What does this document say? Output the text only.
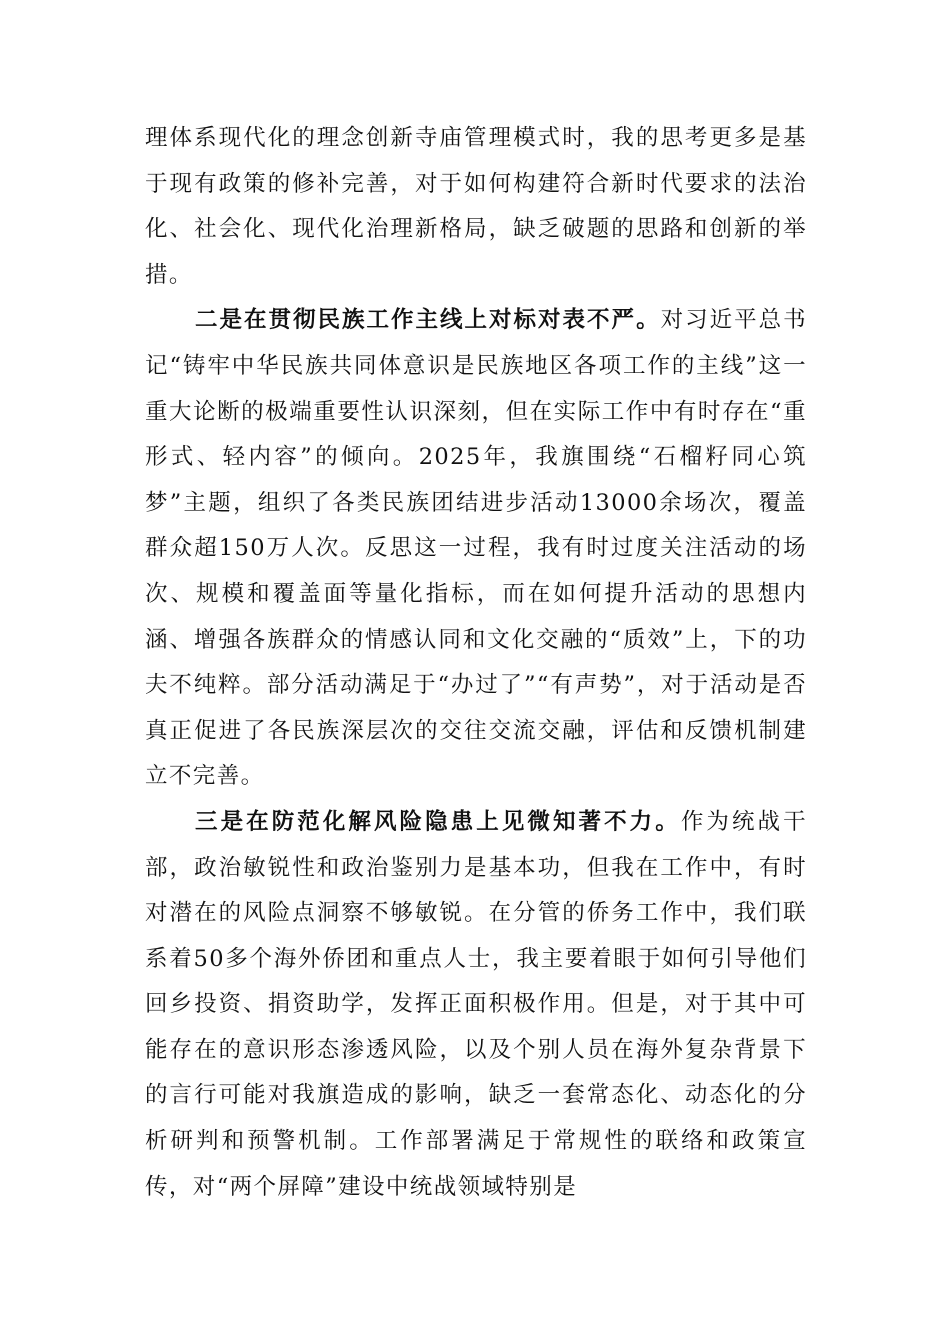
理体系现代化的理念创新寺庙管理模式时，我的思考更多是基于现有政策的修补完善，对于如何构建符合新时代要求的法治化、社会化、现代化治理新格局，缺乏破题的思路和创新的举措。

二是在贯彻民族工作主线上对标对表不严。对习近平总书记“铸牢中华民族共同体意识是民族地区各项工作的主线”这一重大论断的极端重要性认识深刻，但在实际工作中有时存在“重形式、轻内容”的倾向。2025年，我旗围绕“石榴籽同心筑梦”主题，组织了各类民族团结进步活动13000余场次，覆盖群众超150万人次。反思这一过程，我有时过度关注活动的场次、规模和覆盖面等量化指标，而在如何提升活动的思想内涵、增强各族群众的情感认同和文化交融的“质效”上，下的功夫不纯粹。部分活动满足于“办过了”“有声势”，对于活动是否真正促进了各民族深层次的交往交流交融，评估和反馈机制建立不完善。

三是在防范化解风险隐患上见微知著不力。作为统战干部，政治敏锐性和政治鉴别力是基本功，但我在工作中，有时对潜在的风险点洞察不够敏锐。在分管的侨务工作中，我们联系着50多个海外侨团和重点人士，我主要着眼于如何引导他们回乡投资、捐资助学，发挥正面积极作用。但是，对于其中可能存在的意识形态渗透风险，以及个别人员在海外复杂背景下的言行可能对我旗造成的影响，缺乏一套常态化、动态化的分析研判和预警机制。工作部署满足于常规性的联络和政策宣传，对“两个屏障”建设中统战领域特别是
